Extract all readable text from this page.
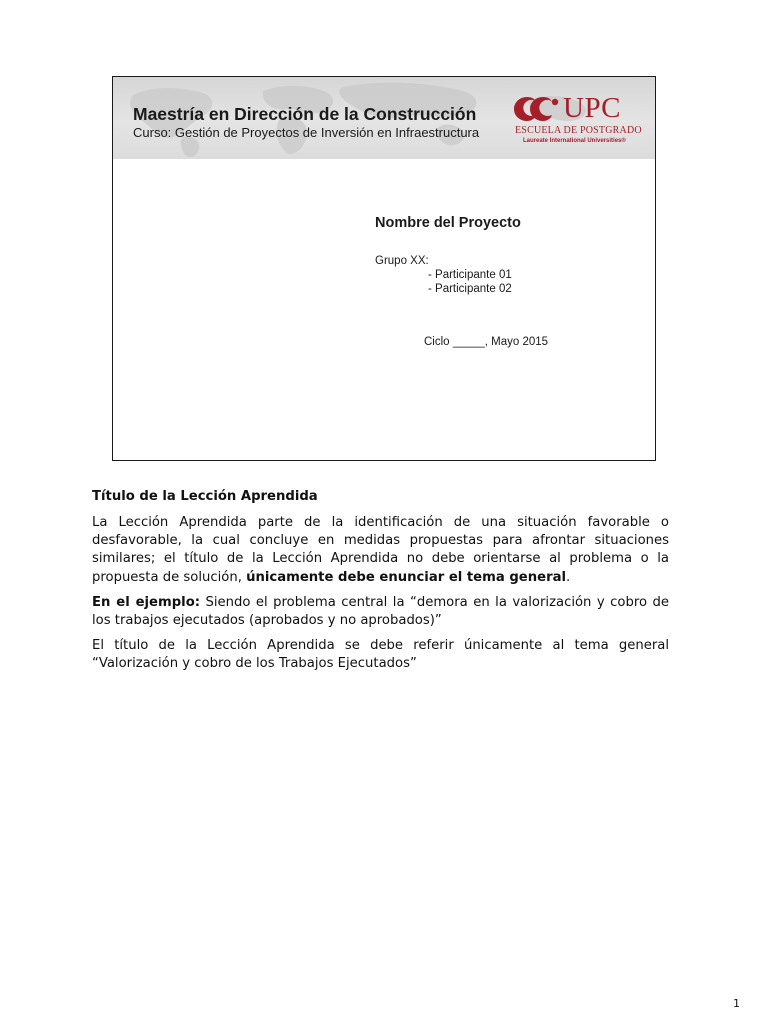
Maestría en Dirección de la Construcción
Curso: Gestión de Proyectos de Inversión en Infraestructura
UPC
ESCUELA DE POSTGRADO
Laureate International Universities®
Nombre del Proyecto
Grupo XX:
- Participante 01
- Participante 02
Ciclo _____, Mayo 2015
Título de la Lección Aprendida

La Lección Aprendida parte de la identificación de una situación favorable o desfavorable, la cual concluye en medidas propuestas para afrontar situaciones similares; el título de la Lección Aprendida no debe orientarse al problema o la propuesta de solución, únicamente debe enunciar el tema general.

En el ejemplo: Siendo el problema central la “demora en la valorización y cobro de los trabajos ejecutados (aprobados y no aprobados)”

El título de la Lección Aprendida se debe referir únicamente al tema general “Valorización y cobro de los Trabajos Ejecutados”

1
